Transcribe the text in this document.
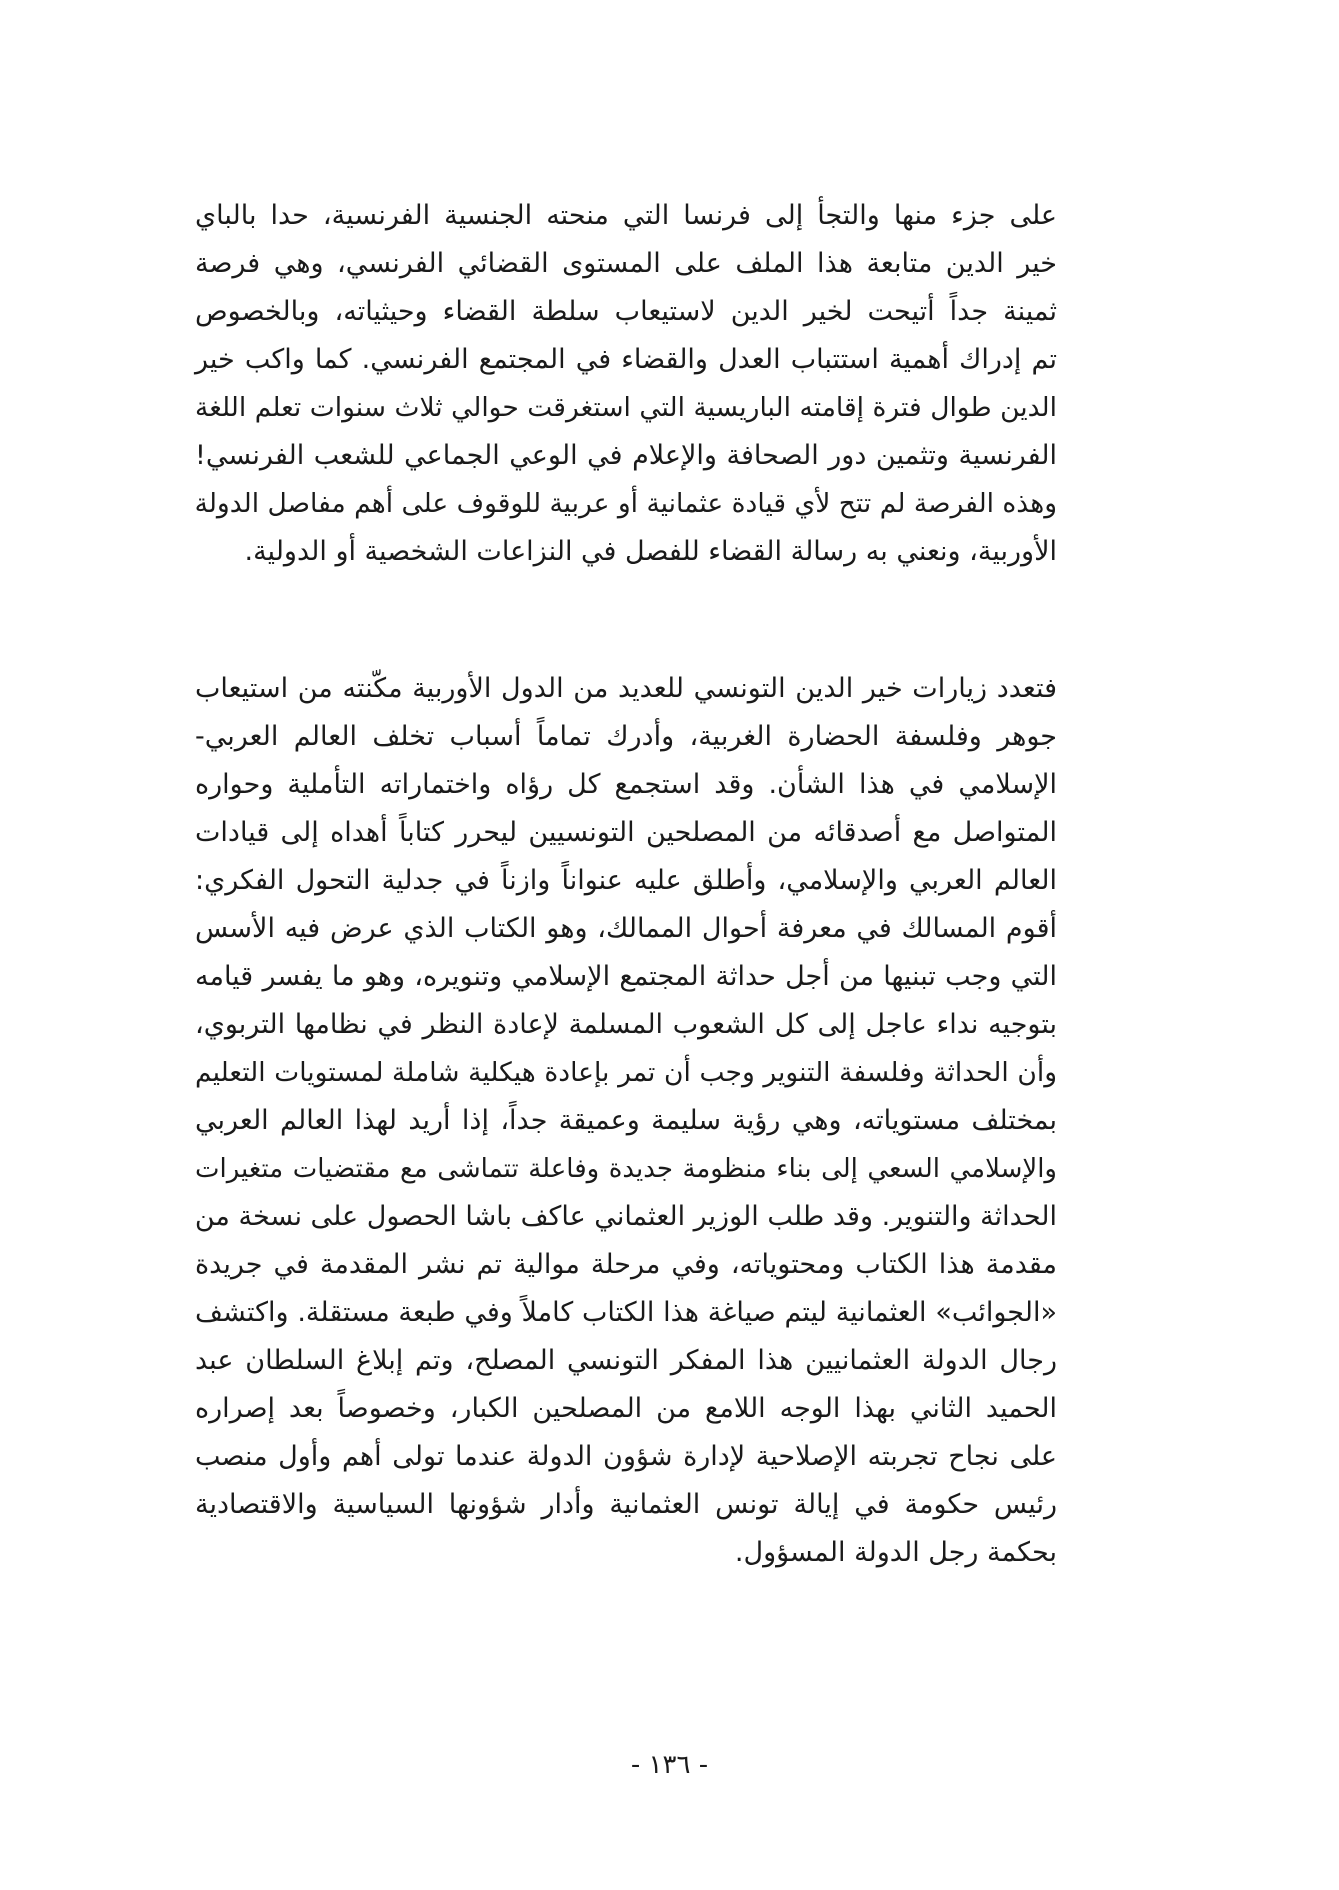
على جزء منها والتجأ إلى فرنسا التي منحته الجنسية الفرنسية، حدا بالباي
خير الدين متابعة هذا الملف على المستوى القضائي الفرنسي، وهي فرصة
ثمينة جداً أتيحت لخير الدين لاستيعاب سلطة القضاء وحيثياته، وبالخصوص
تم إدراك أهمية استتباب العدل والقضاء في المجتمع الفرنسي. كما واكب خير
الدين طوال فترة إقامته الباريسية التي استغرقت حوالي ثلاث سنوات تعلم اللغة
الفرنسية وتثمين دور الصحافة والإعلام في الوعي الجماعي للشعب الفرنسي!
وهذه الفرصة لم تتح لأي قيادة عثمانية أو عربية للوقوف على أهم مفاصل الدولة
الأوربية، ونعني به رسالة القضاء للفصل في النزاعات الشخصية أو الدولية.
فتعدد زيارات خير الدين التونسي للعديد من الدول الأوربية مكّنته من استيعاب
جوهر وفلسفة الحضارة الغربية، وأدرك تماماً أسباب تخلف العالم العربي-
الإسلامي في هذا الشأن. وقد استجمع كل رؤاه واختماراته التأملية وحواره
المتواصل مع أصدقائه من المصلحين التونسيين ليحرر كتاباً أهداه إلى قيادات
العالم العربي والإسلامي، وأطلق عليه عنواناً وازناً في جدلية التحول الفكري:
أقوم المسالك في معرفة أحوال الممالك، وهو الكتاب الذي عرض فيه الأسس
التي وجب تبنيها من أجل حداثة المجتمع الإسلامي وتنويره، وهو ما يفسر قيامه
بتوجيه نداء عاجل إلى كل الشعوب المسلمة لإعادة النظر في نظامها التربوي،
وأن الحداثة وفلسفة التنوير وجب أن تمر بإعادة هيكلية شاملة لمستويات التعليم
بمختلف مستوياته، وهي رؤية سليمة وعميقة جداً، إذا أريد لهذا العالم العربي
والإسلامي السعي إلى بناء منظومة جديدة وفاعلة تتماشى مع مقتضيات متغيرات
الحداثة والتنوير. وقد طلب الوزير العثماني عاكف باشا الحصول على نسخة من
مقدمة هذا الكتاب ومحتوياته، وفي مرحلة موالية تم نشر المقدمة في جريدة
«الجوائب» العثمانية ليتم صياغة هذا الكتاب كاملاً وفي طبعة مستقلة. واكتشف
رجال الدولة العثمانيين هذا المفكر التونسي المصلح، وتم إبلاغ السلطان عبد
الحميد الثاني بهذا الوجه اللامع من المصلحين الكبار، وخصوصاً بعد إصراره
على نجاح تجربته الإصلاحية لإدارة شؤون الدولة عندما تولى أهم وأول منصب
رئيس حكومة في إيالة تونس العثمانية وأدار شؤونها السياسية والاقتصادية
بحكمة رجل الدولة المسؤول.
- ١٣٦ -
